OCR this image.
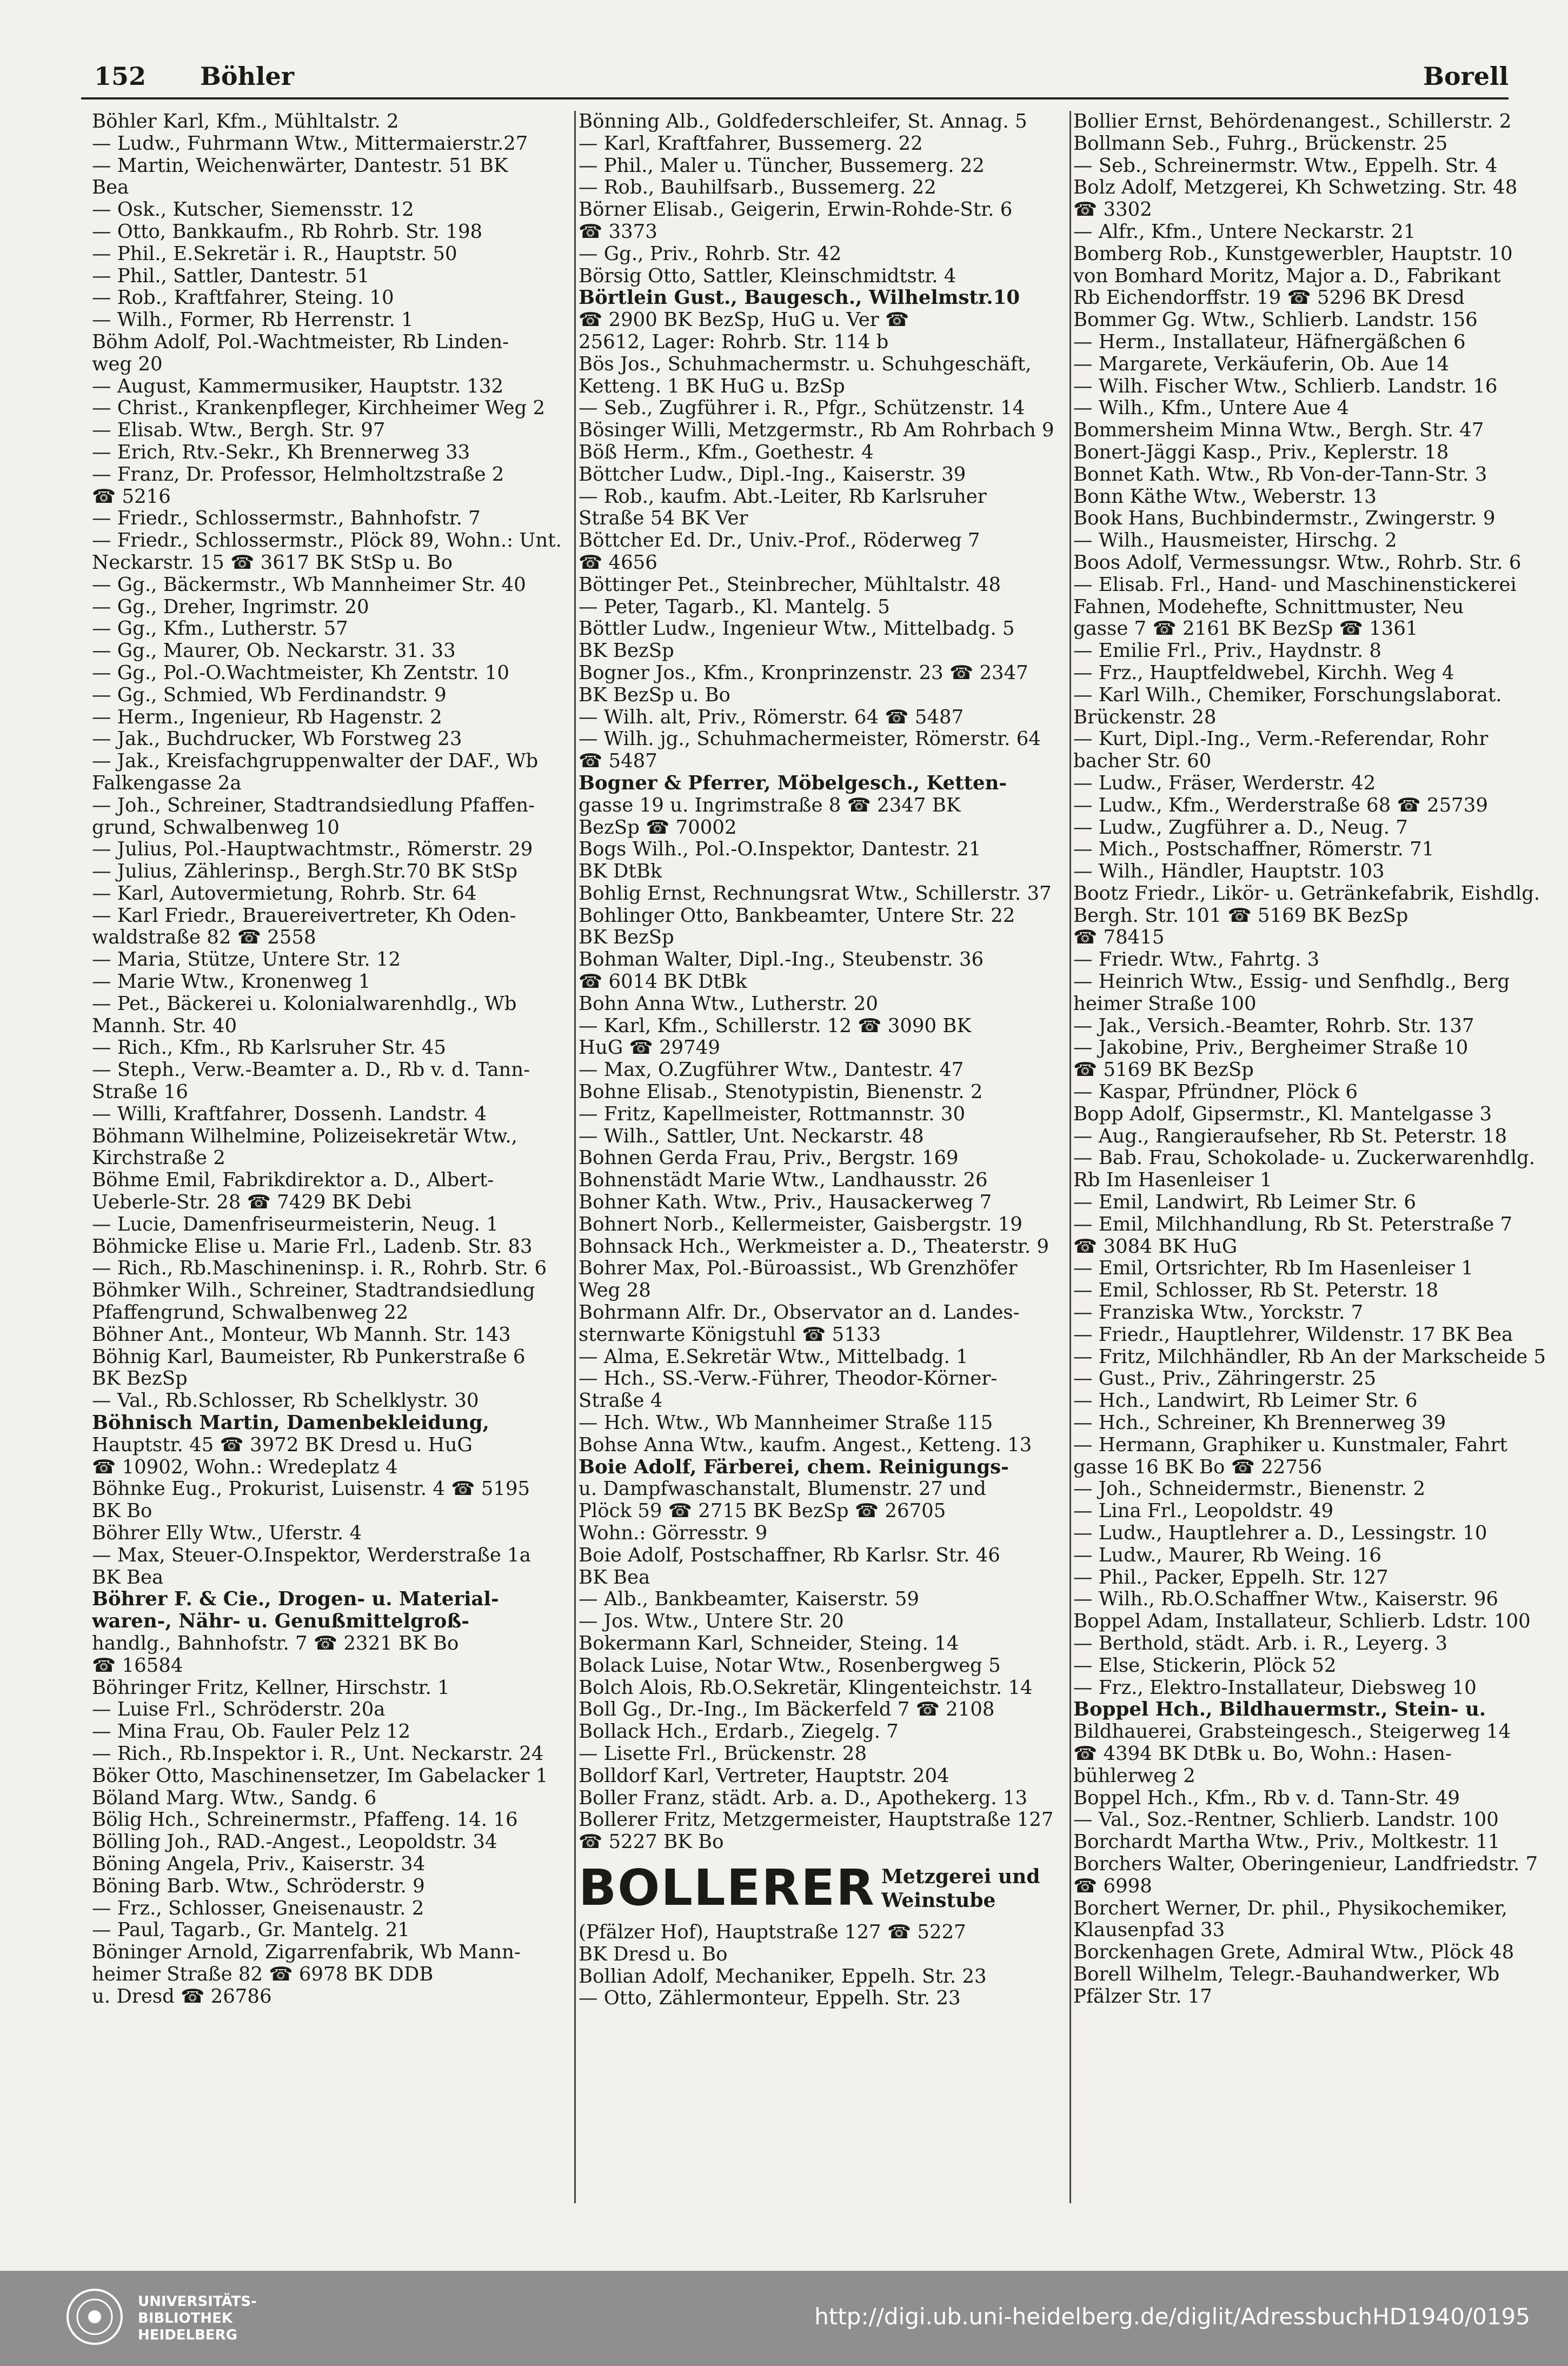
152 Böhler	Borell
Böhler Karl, Kfm., Mühltalstr. 2
— Ludw., Fuhrmann Wtw., Mittermaierstr.27
— Martin, Weichenwärter, Dantestr. 51 BK
Bea
— Osk., Kutscher, Siemensstr. 12
— Otto, Bankkaufm., Rb Rohrb. Str. 198
— Phil., E.Sekretär i. R., Hauptstr. 50
— Phil., Sattler, Dantestr. 51
— Rob., Kraftfahrer, Steing. 10
— Wilh., Former, Rb Herrenstr. 1
Böhm Adolf, Pol.-Wachtmeister, Rb Linden-
weg 20
— August, Kammermusiker, Hauptstr. 132
— Christ., Krankenpfleger, Kirchheimer Weg 2
— Elisab. Wtw., Bergh. Str. 97
— Erich, Rtv.-Sekr., Kh Brennerweg 33
— Franz, Dr. Professor, Helmholtzstraße 2
☎ 5216
— Friedr., Schlossermstr., Bahnhofstr. 7
— Friedr., Schlossermstr., Plöck 89, Wohn.: Unt.
Neckarstr. 15 ☎ 3617 BK StSp u. Bo
— Gg., Bäckermstr., Wb Mannheimer Str. 40
— Gg., Dreher, Ingrimstr. 20
— Gg., Kfm., Lutherstr. 57
— Gg., Maurer, Ob. Neckarstr. 31. 33
— Gg., Pol.-O.Wachtmeister, Kh Zentstr. 10
— Gg., Schmied, Wb Ferdinandstr. 9
— Herm., Ingenieur, Rb Hagenstr. 2
— Jak., Buchdrucker, Wb Forstweg 23
— Jak., Kreisfachgruppenwalter der DAF., Wb
Falkengasse 2a
— Joh., Schreiner, Stadtrandsiedlung Pfaffen-
grund, Schwalbenweg 10
— Julius, Pol.-Hauptwachtmstr., Römerstr. 29
— Julius, Zählerinsp., Bergh.Str.70 BK StSp
— Karl, Autovermietung, Rohrb. Str. 64
— Karl Friedr., Brauereivertreter, Kh Oden-
waldstraße 82 ☎ 2558
— Maria, Stütze, Untere Str. 12
— Marie Wtw., Kronenweg 1
— Pet., Bäckerei u. Kolonialwarenhdlg., Wb
Mannh. Str. 40
— Rich., Kfm., Rb Karlsruher Str. 45
— Steph., Verw.-Beamter a. D., Rb v. d. Tann-
Straße 16
— Willi, Kraftfahrer, Dossenh. Landstr. 4
Böhmann Wilhelmine, Polizeisekretär Wtw.,
Kirchstraße 2
Böhme Emil, Fabrikdirektor a. D., Albert-
Ueberle-Str. 28 ☎ 7429 BK Debi
— Lucie, Damenfriseurmeisterin, Neug. 1
Böhmicke Elise u. Marie Frl., Ladenb. Str. 83
— Rich., Rb.Maschineninsp. i. R., Rohrb. Str. 6
Böhmker Wilh., Schreiner, Stadtrandsiedlung
Pfaffengrund, Schwalbenweg 22
Böhner Ant., Monteur, Wb Mannh. Str. 143
Böhnig Karl, Baumeister, Rb Punkerstraße 6
BK BezSp
— Val., Rb.Schlosser, Rb Schelklystr. 30
Böhnisch Martin, Damenbekleidung,
Hauptstr. 45 ☎ 3972 BK Dresd u. HuG
☎ 10902, Wohn.: Wredeplatz 4
Böhnke Eug., Prokurist, Luisenstr. 4 ☎ 5195
BK Bo
Böhrer Elly Wtw., Uferstr. 4
— Max, Steuer-O.Inspektor, Werderstraße 1a
BK Bea
Böhrer F. & Cie., Drogen- u. Material-
waren-, Nähr- u. Genußmittelgroß-
handlg., Bahnhofstr. 7 ☎ 2321 BK Bo
☎ 16584
Böhringer Fritz, Kellner, Hirschstr. 1
— Luise Frl., Schröderstr. 20a
— Mina Frau, Ob. Fauler Pelz 12
— Rich., Rb.Inspektor i. R., Unt. Neckarstr. 24
Böker Otto, Maschinensetzer, Im Gabelacker 1
Böland Marg. Wtw., Sandg. 6
Bölig Hch., Schreinermstr., Pfaffeng. 14. 16
Bölling Joh., RAD.-Angest., Leopoldstr. 34
Böning Angela, Priv., Kaiserstr. 34
Böning Barb. Wtw., Schröderstr. 9
— Frz., Schlosser, Gneisenaustr. 2
— Paul, Tagarb., Gr. Mantelg. 21
Böninger Arnold, Zigarrenfabrik, Wb Mann-
heimer Straße 82 ☎ 6978 BK DDB
u. Dresd ☎ 26786
Bönning Alb., Goldfederschleifer, St. Annag. 5
— Karl, Kraftfahrer, Bussemerg. 22
— Phil., Maler u. Tüncher, Bussemerg. 22
— Rob., Bauhilfsarb., Bussemerg. 22
Börner Elisab., Geigerin, Erwin-Rohde-Str. 6
☎ 3373
— Gg., Priv., Rohrb. Str. 42
Börsig Otto, Sattler, Kleinschmidtstr. 4
Börtlein Gust., Baugesch., Wilhelmstr.10
☎ 2900 BK BezSp, HuG u. Ver ☎
25612, Lager: Rohrb. Str. 114 b
Bös Jos., Schuhmachermstr. u. Schuhgeschäft,
Ketteng. 1 BK HuG u. BzSp
— Seb., Zugführer i. R., Pfgr., Schützenstr. 14
Bösinger Willi, Metzgermstr., Rb Am Rohrbach 9
Böß Herm., Kfm., Goethestr. 4
Böttcher Ludw., Dipl.-Ing., Kaiserstr. 39
— Rob., kaufm. Abt.-Leiter, Rb Karlsruher
Straße 54 BK Ver
Böttcher Ed. Dr., Univ.-Prof., Röderweg 7
☎ 4656
Böttinger Pet., Steinbrecher, Mühltalstr. 48
— Peter, Tagarb., Kl. Mantelg. 5
Böttler Ludw., Ingenieur Wtw., Mittelbadg. 5
BK BezSp
Bogner Jos., Kfm., Kronprinzenstr. 23 ☎ 2347
BK BezSp u. Bo
— Wilh. alt, Priv., Römerstr. 64 ☎ 5487
— Wilh. jg., Schuhmachermeister, Römerstr. 64
☎ 5487
Bogner & Pferrer, Möbelgesch., Ketten-
gasse 19 u. Ingrimstraße 8 ☎ 2347 BK
BezSp ☎ 70002
Bogs Wilh., Pol.-O.Inspektor, Dantestr. 21
BK DtBk
Bohlig Ernst, Rechnungsrat Wtw., Schillerstr. 37
Bohlinger Otto, Bankbeamter, Untere Str. 22
BK BezSp
Bohman Walter, Dipl.-Ing., Steubenstr. 36
☎ 6014 BK DtBk
Bohn Anna Wtw., Lutherstr. 20
— Karl, Kfm., Schillerstr. 12 ☎ 3090 BK
HuG ☎ 29749
— Max, O.Zugführer Wtw., Dantestr. 47
Bohne Elisab., Stenotypistin, Bienenstr. 2
— Fritz, Kapellmeister, Rottmannstr. 30
— Wilh., Sattler, Unt. Neckarstr. 48
Bohnen Gerda Frau, Priv., Bergstr. 169
Bohnenstädt Marie Wtw., Landhausstr. 26
Bohner Kath. Wtw., Priv., Hausackerweg 7
Bohnert Norb., Kellermeister, Gaisbergstr. 19
Bohnsack Hch., Werkmeister a. D., Theaterstr. 9
Bohrer Max, Pol.-Büroassist., Wb Grenzhöfer
Weg 28
Bohrmann Alfr. Dr., Observator an d. Landes-
sternwarte Königstuhl ☎ 5133
— Alma, E.Sekretär Wtw., Mittelbadg. 1
— Hch., SS.-Verw.-Führer, Theodor-Körner-
Straße 4
— Hch. Wtw., Wb Mannheimer Straße 115
Bohse Anna Wtw., kaufm. Angest., Ketteng. 13
Boie Adolf, Färberei, chem. Reinigungs-
u. Dampfwaschanstalt, Blumenstr. 27 und
Plöck 59 ☎ 2715 BK BezSp ☎ 26705
Wohn.: Görresstr. 9
Boie Adolf, Postschaffner, Rb Karlsr. Str. 46
BK Bea
— Alb., Bankbeamter, Kaiserstr. 59
— Jos. Wtw., Untere Str. 20
Bokermann Karl, Schneider, Steing. 14
Bolack Luise, Notar Wtw., Rosenbergweg 5
Bolch Alois, Rb.O.Sekretär, Klingenteichstr. 14
Boll Gg., Dr.-Ing., Im Bäckerfeld 7 ☎ 2108
Bollack Hch., Erdarb., Ziegelg. 7
— Lisette Frl., Brückenstr. 28
Bolldorf Karl, Vertreter, Hauptstr. 204
Boller Franz, städt. Arb. a. D., Apothekerg. 13
Bollerer Fritz, Metzgermeister, Hauptstraße 127
☎ 5227 BK Bo
BOLLERER Metzgerei und
Weinstube
(Pfälzer Hof), Hauptstraße 127 ☎ 5227
BK Dresd u. Bo
Bollian Adolf, Mechaniker, Eppelh. Str. 23
— Otto, Zählermonteur, Eppelh. Str. 23
Bollier Ernst, Behördenangest., Schillerstr. 2
Bollmann Seb., Fuhrg., Brückenstr. 25
— Seb., Schreinermstr. Wtw., Eppelh. Str. 4
Bolz Adolf, Metzgerei, Kh Schwetzing. Str. 48
☎ 3302
— Alfr., Kfm., Untere Neckarstr. 21
Bomberg Rob., Kunstgewerbler, Hauptstr. 10
von Bomhard Moritz, Major a. D., Fabrikant
Rb Eichendorffstr. 19 ☎ 5296 BK Dresd
Bommer Gg. Wtw., Schlierb. Landstr. 156
— Herm., Installateur, Häfnergäßchen 6
— Margarete, Verkäuferin, Ob. Aue 14
— Wilh. Fischer Wtw., Schlierb. Landstr. 16
— Wilh., Kfm., Untere Aue 4
Bommersheim Minna Wtw., Bergh. Str. 47
Bonert-Jäggi Kasp., Priv., Keplerstr. 18
Bonnet Kath. Wtw., Rb Von-der-Tann-Str. 3
Bonn Käthe Wtw., Weberstr. 13
Book Hans, Buchbindermstr., Zwingerstr. 9
— Wilh., Hausmeister, Hirschg. 2
Boos Adolf, Vermessungsr. Wtw., Rohrb. Str. 6
— Elisab. Frl., Hand- und Maschinenstickerei
Fahnen, Modehefte, Schnittmuster, Neu
gasse 7 ☎ 2161 BK BezSp ☎ 1361
— Emilie Frl., Priv., Haydnstr. 8
— Frz., Hauptfeldwebel, Kirchh. Weg 4
— Karl Wilh., Chemiker, Forschungslaborat.
Brückenstr. 28
— Kurt, Dipl.-Ing., Verm.-Referendar, Rohr
bacher Str. 60
— Ludw., Fräser, Werderstr. 42
— Ludw., Kfm., Werderstraße 68 ☎ 25739
— Ludw., Zugführer a. D., Neug. 7
— Mich., Postschaffner, Römerstr. 71
— Wilh., Händler, Hauptstr. 103
Bootz Friedr., Likör- u. Getränkefabrik, Eishdlg.
Bergh. Str. 101 ☎ 5169 BK BezSp
☎ 78415
— Friedr. Wtw., Fahrtg. 3
— Heinrich Wtw., Essig- und Senfhdlg., Berg
heimer Straße 100
— Jak., Versich.-Beamter, Rohrb. Str. 137
— Jakobine, Priv., Bergheimer Straße 10
☎ 5169 BK BezSp
— Kaspar, Pfründner, Plöck 6
Bopp Adolf, Gipsermstr., Kl. Mantelgasse 3
— Aug., Rangieraufseher, Rb St. Peterstr. 18
— Bab. Frau, Schokolade- u. Zuckerwarenhdlg.
Rb Im Hasenleiser 1
— Emil, Landwirt, Rb Leimer Str. 6
— Emil, Milchhandlung, Rb St. Peterstraße 7
☎ 3084 BK HuG
— Emil, Ortsrichter, Rb Im Hasenleiser 1
— Emil, Schlosser, Rb St. Peterstr. 18
— Franziska Wtw., Yorckstr. 7
— Friedr., Hauptlehrer, Wildenstr. 17 BK Bea
— Fritz, Milchhändler, Rb An der Markscheide 5
— Gust., Priv., Zähringerstr. 25
— Hch., Landwirt, Rb Leimer Str. 6
— Hch., Schreiner, Kh Brennerweg 39
— Hermann, Graphiker u. Kunstmaler, Fahrt
gasse 16 BK Bo ☎ 22756
— Joh., Schneidermstr., Bienenstr. 2
— Lina Frl., Leopoldstr. 49
— Ludw., Hauptlehrer a. D., Lessingstr. 10
— Ludw., Maurer, Rb Weing. 16
— Phil., Packer, Eppelh. Str. 127
— Wilh., Rb.O.Schaffner Wtw., Kaiserstr. 96
Boppel Adam, Installateur, Schlierb. Ldstr. 100
— Berthold, städt. Arb. i. R., Leyerg. 3
— Else, Stickerin, Plöck 52
— Frz., Elektro-Installateur, Diebsweg 10
Boppel Hch., Bildhauermstr., Stein- u.
Bildhauerei, Grabsteingesch., Steigerweg 14
☎ 4394 BK DtBk u. Bo, Wohn.: Hasen-
bühlerweg 2
Boppel Hch., Kfm., Rb v. d. Tann-Str. 49
— Val., Soz.-Rentner, Schlierb. Landstr. 100
Borchardt Martha Wtw., Priv., Moltkestr. 11
Borchers Walter, Oberingenieur, Landfriedstr. 7
☎ 6998
Borchert Werner, Dr. phil., Physikochemiker,
Klausenpfad 33
Borckenhagen Grete, Admiral Wtw., Plöck 48
Borell Wilhelm, Telegr.-Bauhandwerker, Wb
Pfälzer Str. 17
UNIVERSITÄTS-
BIBLIOTHEK
HEIDELBERG
http://digi.ub.uni-heidelberg.de/diglit/AdressbuchHD1940/0195
